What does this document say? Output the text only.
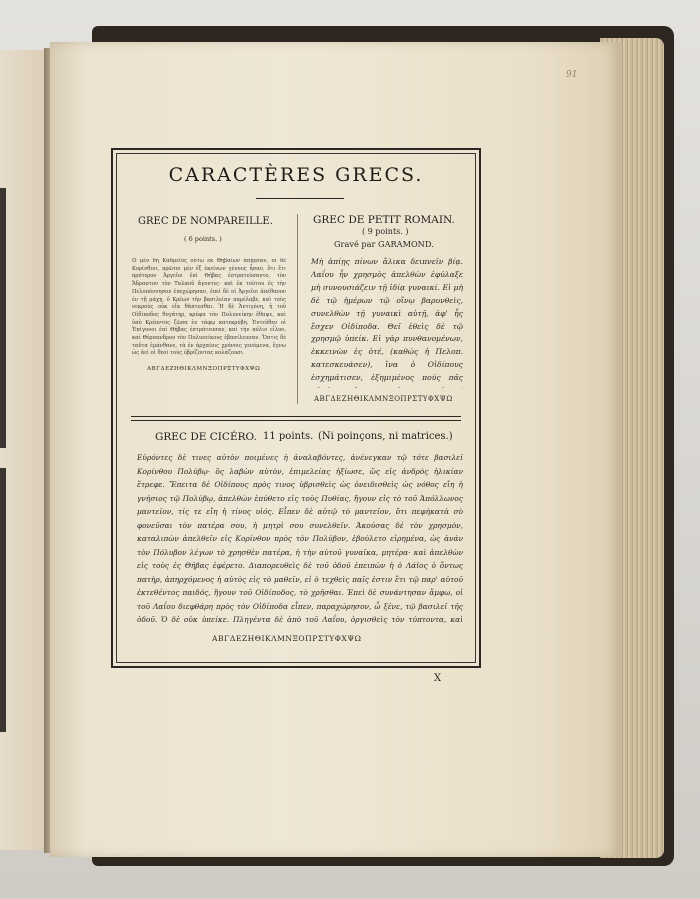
91
CARACTÈRES GRECS.
GREC DE NOMPAREILLE.
( 6 points. )
Ὁ μὲν δὴ Καδμεῖος οὕτω ἐκ Θηβαίων ἀπῄεσαν, οἱ δὲ Κορίνθιοι, πρῶτοι μὲν ἐξ ἐκείνων γένους ἦσαν, ὅτι ἔτι πρότερον Ἀργεῖοι ἐπὶ Θήβας ἐστρατεύσαντο, τὸν Ἄδραστον τὸν Ταλαοῦ ἄγοντες· καὶ ἐκ τούτου ἐς τὴν Πελοπόννησον ἐπεχώρησαν, ἐπεὶ δὲ οἱ Ἀργεῖοι ἀπέθανον ἐν τῇ μάχῃ, ὁ Κρέων τὴν βασιλείαν παρέλαβε, καὶ τοὺς νεκροὺς οὐκ εἴα θάπτεσθαι. Ἡ δὲ Ἀντιγόνη, ἡ τοῦ Οἰδίποδος θυγάτηρ, κρύφα τὸν Πολυνείκην ἔθαψε, καὶ ὑπὸ Κρέοντος ζῶσα ἐν τάφῳ κατεκρύβη. Ἐντεῦθεν οἱ Ἐπίγονοι ἐπὶ Θήβας ἐστράτευσαν, καὶ τὴν πόλιν εἷλον, καὶ Θέρσανδρον τὸν Πολυνείκους ἐβασίλευσαν. Ὅστις δὲ ταῦτα ἐμάνθανε, τὰ ἐν ἀρχαίοις χρόνοις γενόμενα, ἔγνω ὡς ἀεὶ οἱ θεοὶ τοὺς ὑβρίζοντας κολάζουσι.
ΑΒΓΔΕΖΗΘΙΚΛΜΝΞΟΠΡΣΤΥΦΧΨΩ
GREC DE PETIT ROMAIN.
( 9 points. )
Gravé par GARAMOND.
Μὴ ἀπίῃς πίνων ἄλικα δειπνεῖν βίᾳ. Λαΐου ἦν χρησμὸς ἀπελθὼν ἐφύλαξε μὴ συνουσιάζειν τῇ ἰδίᾳ γυναικί. Εἰ μὴ δὲ τῷ ἡμέρων τῷ οἴνῳ βαρυνθεὶς, συνελθὼν τῇ γυναικὶ αὐτῇ, ἀφ' ἧς ἔσχεν Οἰδίποδα. Θεῖ ἐθεὶς δὲ τῷ χρησμῷ ὑπείκ. Εἰ γὰρ πυνθανομένων, ἐκκεινὼν ἐς ὁτέ, (καθώς ἡ Πελοπ. κατεσκευάσεν), ἵνα ὁ Οἰδίπους ἐσχημάτισεν, ἐξημιμένος πούς πᾶς
ΑΒΓΔΕΖΗΘΙΚΛΜΝΞΟΠΡΣΤΥΦΧΨΩ
GREC DE CICÉRO. 11 points. (Ni poinçons, ni matrices.)
Εὑρόντες δὲ τινες αὐτὸν ποιμένες ἡ ἀναλαβόντες, ἀνένεγκαν τῷ τότε βασιλεῖ Κορίνθου Πολύβῳ· ὃς λαβὼν αὐτὸν, ἐπιμελείας ἠξίωσε, ὥς εἰς ἀνδρὸς ἡλικίαν ἔτρεφε. Ἔπειτα δὲ Οἰδίπους πρὸς τινος ὑβρισθεὶς ὡς ὀνειδισθεὶς ὡς νόθος εἴη ἡ γνήσιος τῷ Πολύβῳ, ἀπελθὼν ἐπύθετο εἰς τοὺς Πυθίας, ἤγουν εἰς τὸ τοῦ Ἀπόλλωνος μαντεῖον, τίς τε εἴη ἡ τίνος υἱός. Εἶπεν δὲ αὐτῷ τὸ μαντεῖον, ὅτι πεφήκατὰ σὺ φονεῦσαι τὸν πατέρα σου, ἡ μητρὶ σου συνελθεῖν. Ἀκούσας δὲ τὸν χρησμὸν, καταλιπὼν ἀπελθεῖν εἰς Κορίνθον πρὸς τὸν Πολύβον, ἐβούλετο εἰρημένα, ὡς ἀνάν τὸν Πόλυβον λέγων τὸ χρησθὲν πατέρα, ἡ τὴν αὐτοῦ γυναῖκα, μητέρα· καὶ ἀπελθὼν εἰς τοὺς ἐς Θήβας ἐφέρετο. Διαπορευθεὶς δὲ τοῦ ὁδοῦ ἐπειπὼν ἡ ὁ Λάϊος ὁ ὄντως πατὴρ, ἀπηρχόμενος ἡ αὐτὸς εἰς τὸ μαθεῖν, εἰ ὁ τεχθεὶς παῖς ἐστιν ἔτι τῷ παρ' αὐτοῦ ἐκτεθέντος παιδός, ἤγουν τοῦ Οἰδίποδος, τὸ χρῆσθαι. Ἐπεὶ δὲ συνάντησαν ἄμφω, οἱ τοῦ Λαΐου διεφθάρη πρὸς τὸν Οἰδίποδα εἶπεν, παραχώρησον, ὦ ξένε, τῷ βασιλεῖ τῆς ὁδοῦ. Ὁ δὲ οὐκ ὑπείκε. Πληγέντα δὲ ἀπὸ τοῦ Λαΐου, ὀργισθεὶς τὸν τύπτοντα, καὶ
ΑΒΓΔΕΖΗΘΙΚΛΜΝΞΟΠΡΣΤΥΦΧΨΩ
X
